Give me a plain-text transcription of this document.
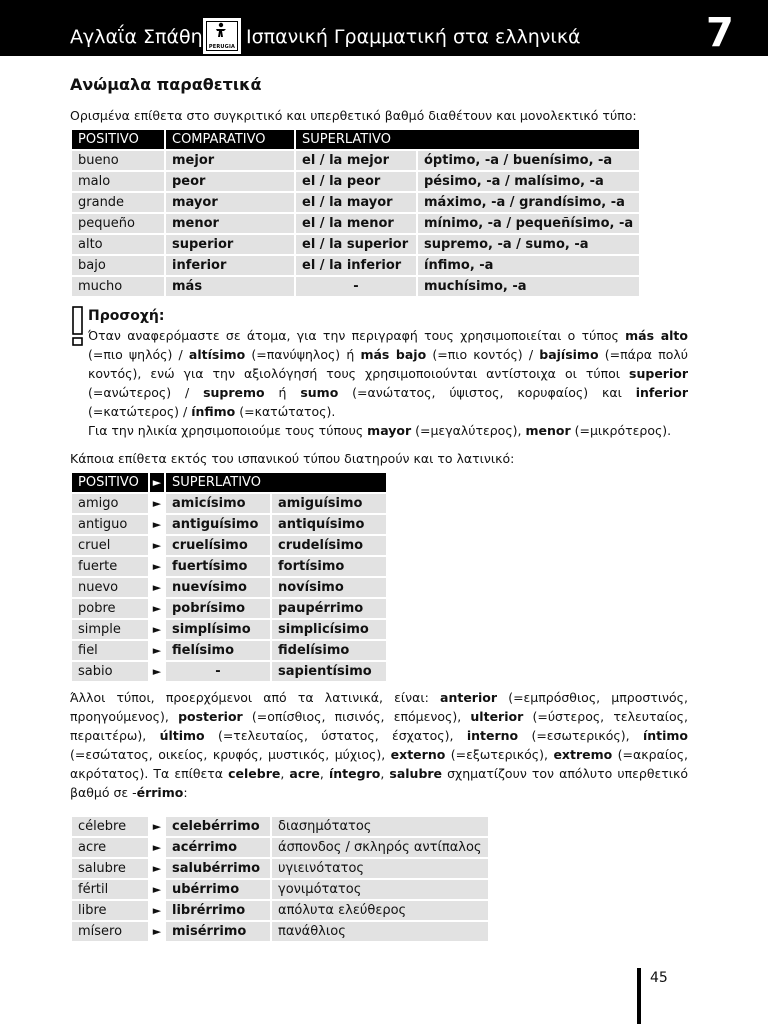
Αγλαΐα Σπάθη	PERUGIA Ισπανική Γραμματική στα ελληνικά	7
Ανώμαλα παραθετικά
Ορισμένα επίθετα στο συγκριτικό και υπερθετικό βαθμό διαθέτουν και μονολεκτικό τύπο:
POSITIVO	COMPARATIVO	SUPERLATIVO	
bueno	mejor	el / la mejor	óptimo, -a / buenísimo, -a
malo	peor	el / la peor	pésimo, -a / malísimo, -a
grande	mayor	el / la mayor	máximo, -a / grandísimo, -a
pequeño	menor	el / la menor	mínimo, -a / pequeñísimo, -a
alto	superior	el / la superior	supremo, -a / sumo, -a
bajo	inferior	el / la inferior	ínfimo, -a
mucho	más	-	muchísimo, -a
Προσοχή:
Όταν αναφερόμαστε σε άτομα, για την περιγραφή τους χρησιμοποιείται ο τύπος más alto (=πιο ψηλός) / altísimo (=πανύψηλος) ή más bajo (=πιο κοντός) / bajísimo (=πάρα πολύ κοντός), ενώ για την αξιολόγησή τους χρησιμοποιούνται αντίστοιχα οι τύποι superior (=ανώτερος) / supremo ή sumo (=ανώτατος, ύψιστος, κορυφαίος) και inferior (=κατώτερος) / ínfimo (=κατώτατος).
Για την ηλικία χρησιμοποιούμε τους τύπους mayor (=μεγαλύτερος), menor (=μικρότερος).
Κάποια επίθετα εκτός του ισπανικού τύπου διατηρούν και το λατινικό:
POSITIVO	►	SUPERLATIVO	
amigo	►	amicísimo	amiguísimo
antiguo	►	antiguísimo	antiquísimo
cruel	►	cruelísimo	crudelísimo
fuerte	►	fuertísimo	fortísimo
nuevo	►	nuevísimo	novísimo
pobre	►	pobrísimo	paupérrimo
simple	►	simplísimo	simplicísimo
fiel	►	fielísimo	fidelísimo
sabio	►	-	sapientísimo
Άλλοι τύποι, προερχόμενοι από τα λατινικά, είναι: anterior (=εμπρόσθιος, μπροστινός, προηγούμενος), posterior (=οπίσθιος, πισινός, επόμενος), ulterior (=ύστερος, τελευταίος, περαιτέρω), último (=τελευταίος, ύστατος, έσχατος), interno (=εσωτερικός), íntimo (=εσώτατος, οικείος, κρυφός, μυστικός, μύχιος), externo (=εξωτερικός), extremo (=ακραίος, ακρότατος). Τα επίθετα celebre, acre, íntegro, salubre σχηματίζουν τον απόλυτο υπερθετικό βαθμό σε -érrimo:
célebre	►	celebérrimo	διασημότατος
acre	►	acérrimo	άσπονδος / σκληρός αντίπαλος
salubre	►	salubérrimo	υγιεινότατος
fértil	►	ubérrimo	γονιμότατος
libre	►	librérrimo	απόλυτα ελεύθερος
mísero	►	misérrimo	πανάθλιος
45
